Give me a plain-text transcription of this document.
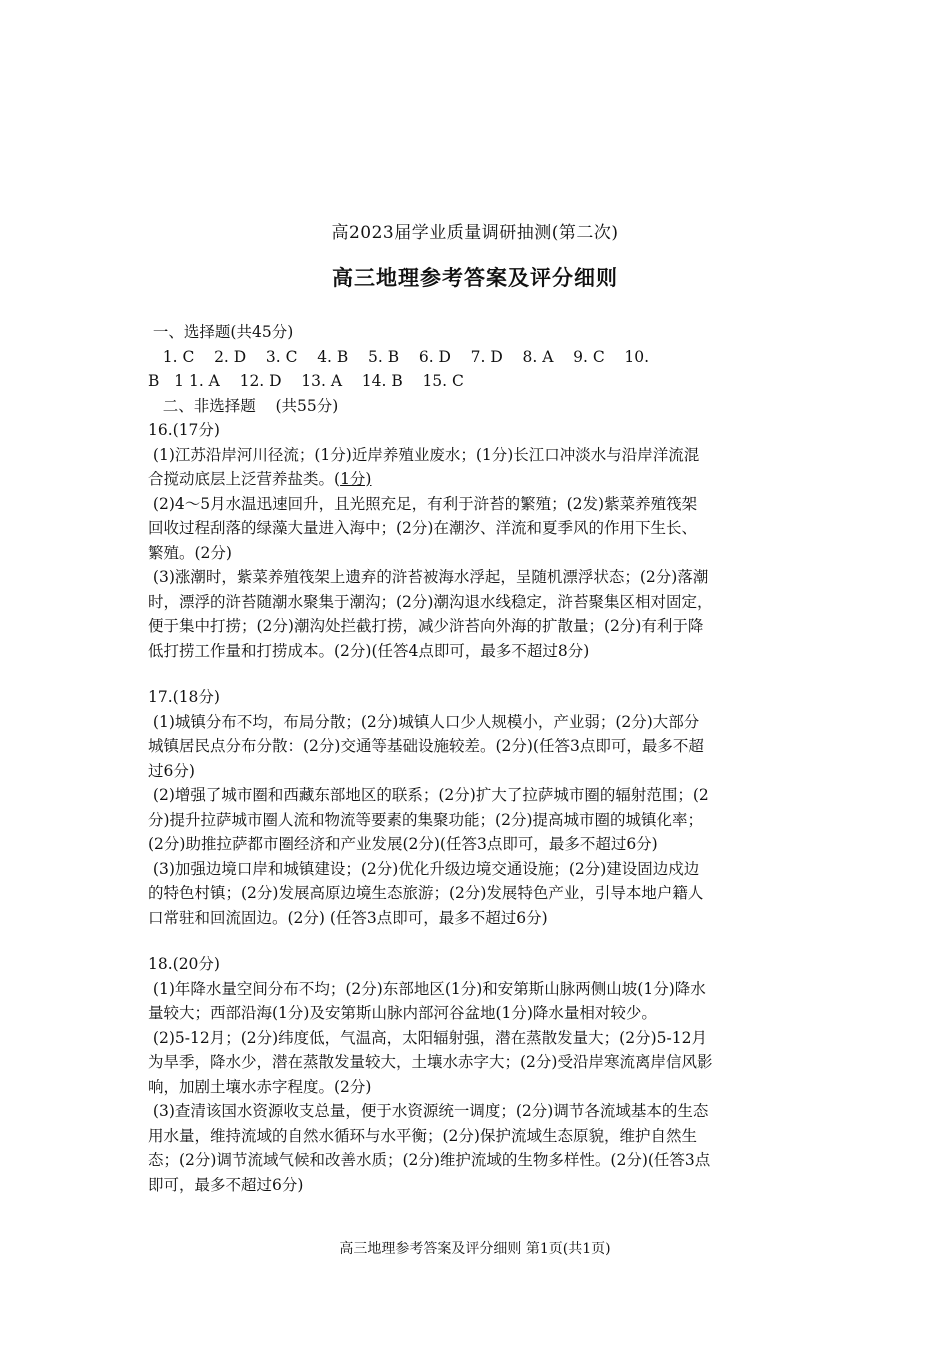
高2023届学业质量调研抽测(第二次)
高三地理参考答案及评分细则
一、选择题(共45分)
1. C    2. D    3. C    4. B    5. B    6. D    7. D    8. A    9. C    10.
B   1 1. A    12. D    13. A    14. B    15. C
二、非选择题    (共55分)
16.(17分)
(1)江苏沿岸河川径流；(1分)近岸养殖业废水；(1分)长江口冲淡水与沿岸洋流混
合搅动底层上泛营养盐类。(1分)
(2)4～5月水温迅速回升，且光照充足，有利于浒苔的繁殖；(2发)紫菜养殖筏架
回收过程刮落的绿藻大量进入海中；(2分)在潮汐、洋流和夏季风的作用下生长、
繁殖。(2分)
(3)涨潮时，紫菜养殖筏架上遗弃的浒苔被海水浮起，呈随机漂浮状态；(2分)落潮
时，漂浮的浒苔随潮水聚集于潮沟；(2分)潮沟退水线稳定，浒苔聚集区相对固定，
便于集中打捞；(2分)潮沟处拦截打捞，减少浒苔向外海的扩散量；(2分)有利于降
低打捞工作量和打捞成本。(2分)(任答4点即可，最多不超过8分)
17.(18分)
(1)城镇分布不均，布局分散；(2分)城镇人口少人规模小，产业弱；(2分)大部分
城镇居民点分布分散：(2分)交通等基础设施较差。(2分)(任答3点即可，最多不超
过6分)
(2)增强了城市圈和西藏东部地区的联系；(2分)扩大了拉萨城市圈的辐射范围；(2
分)提升拉萨城市圈人流和物流等要素的集聚功能；(2分)提高城市圈的城镇化率；
(2分)助推拉萨都市圈经济和产业发展(2分)(任答3点即可，最多不超过6分)
(3)加强边境口岸和城镇建设；(2分)优化升级边境交通设施；(2分)建设固边戍边
的特色村镇；(2分)发展高原边境生态旅游；(2分)发展特色产业，引导本地户籍人
口常驻和回流固边。(2分) (任答3点即可，最多不超过6分)
18.(20分)
(1)年降水量空间分布不均；(2分)东部地区(1分)和安第斯山脉两侧山坡(1分)降水
量较大；西部沿海(1分)及安第斯山脉内部河谷盆地(1分)降水量相对较少。
(2)5-12月；(2分)纬度低，气温高，太阳辐射强，潜在蒸散发量大；(2分)5-12月
为旱季，降水少，潜在蒸散发量较大，土壤水赤字大；(2分)受沿岸寒流离岸信风影
响，加剧土壤水赤字程度。(2分)
(3)查清该国水资源收支总量，便于水资源统一调度；(2分)调节各流域基本的生态
用水量，维持流域的自然水循环与水平衡；(2分)保护流域生态原貌，维护自然生
态；(2分)调节流域气候和改善水质；(2分)维护流域的生物多样性。(2分)(任答3点
即可，最多不超过6分)
高三地理参考答案及评分细则 第1页(共1页)
